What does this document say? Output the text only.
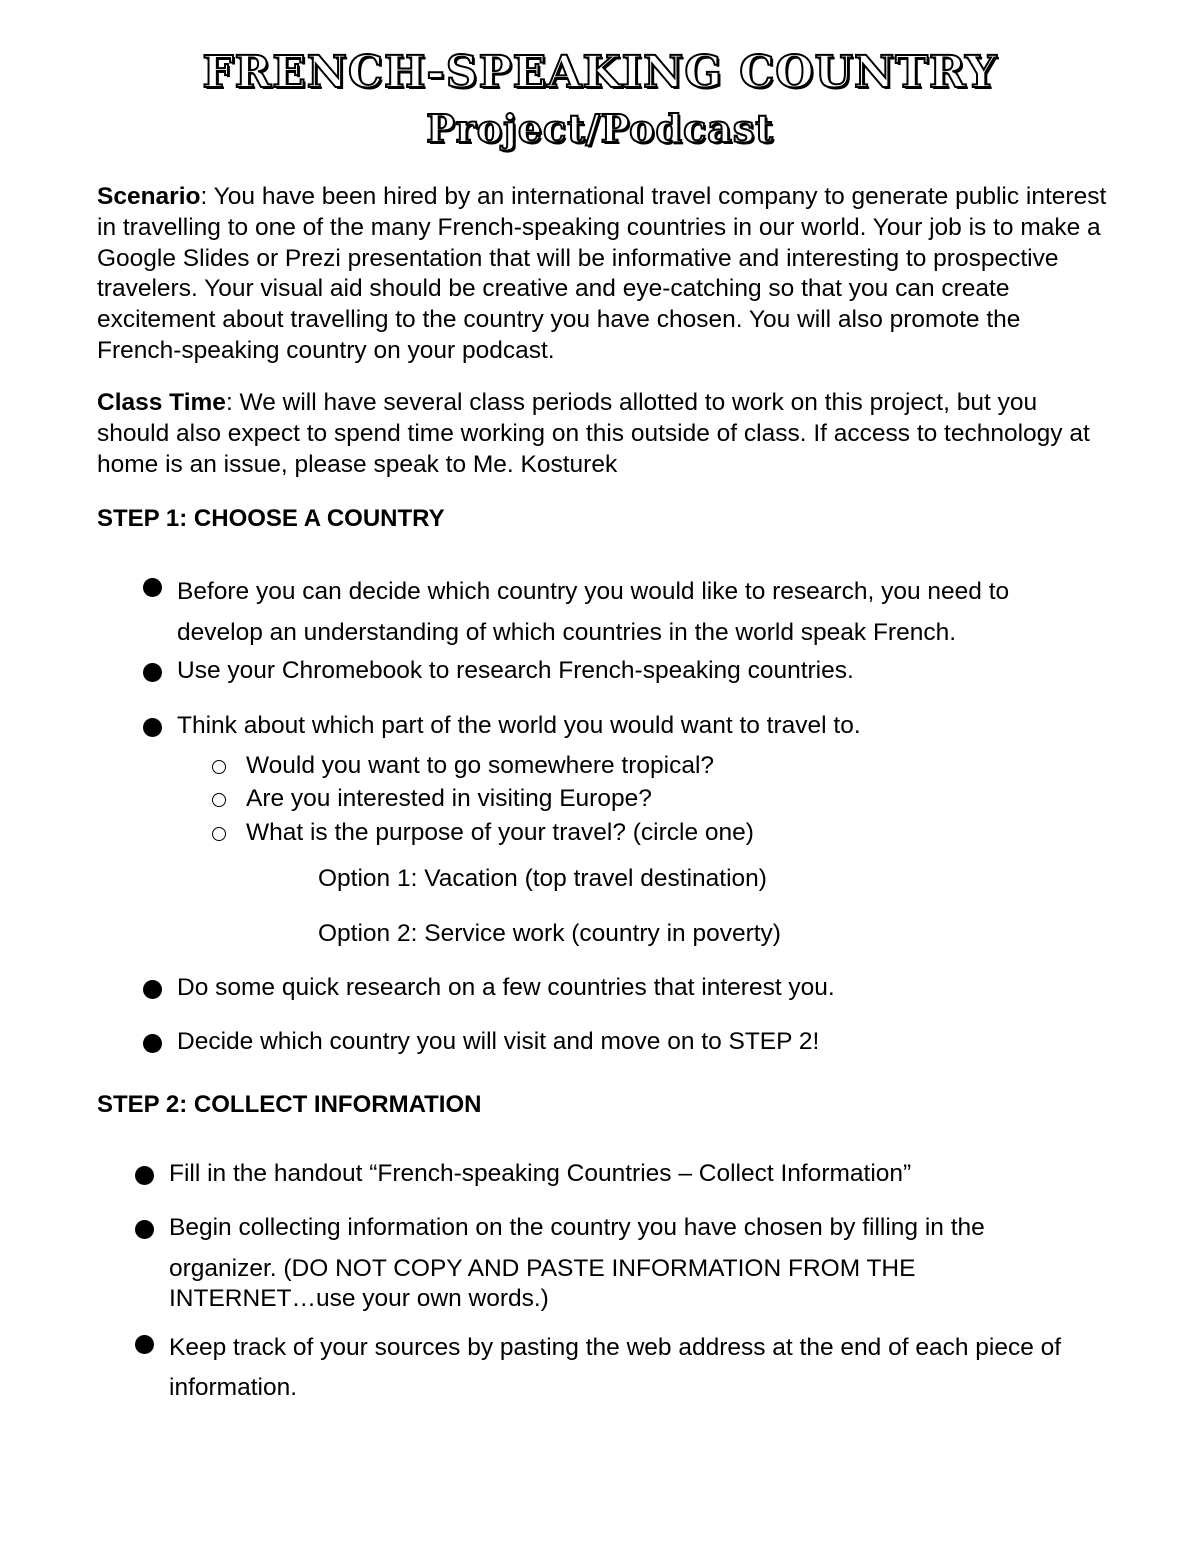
FRENCH-SPEAKING COUNTRY
Project/Podcast

Scenario: You have been hired by an international travel company to generate public interest in travelling to one of the many French-speaking countries in our world. Your job is to make a Google Slides or Prezi presentation that will be informative and interesting to prospective travelers. Your visual aid should be creative and eye-catching so that you can create excitement about travelling to the country you have chosen. You will also promote the French-speaking country on your podcast.

Class Time: We will have several class periods allotted to work on this project, but you should also expect to spend time working on this outside of class. If access to technology at home is an issue, please speak to Me. Kosturek

STEP 1: CHOOSE A COUNTRY

Before you can decide which country you would like to research, you need to develop an understanding of which countries in the world speak French.

Use your Chromebook to research French-speaking countries.

Think about which part of the world you would want to travel to.

Would you want to go somewhere tropical?

Are you interested in visiting Europe?

What is the purpose of your travel? (circle one)

Option 1: Vacation (top travel destination)

Option 2: Service work (country in poverty)

Do some quick research on a few countries that interest you.

Decide which country you will visit and move on to STEP 2!

STEP 2: COLLECT INFORMATION

Fill in the handout “French-speaking Countries – Collect Information”

Begin collecting information on the country you have chosen by filling in the

organizer. (DO NOT COPY AND PASTE INFORMATION FROM THE INTERNET…use your own words.)

Keep track of your sources by pasting the web address at the end of each piece of information.
